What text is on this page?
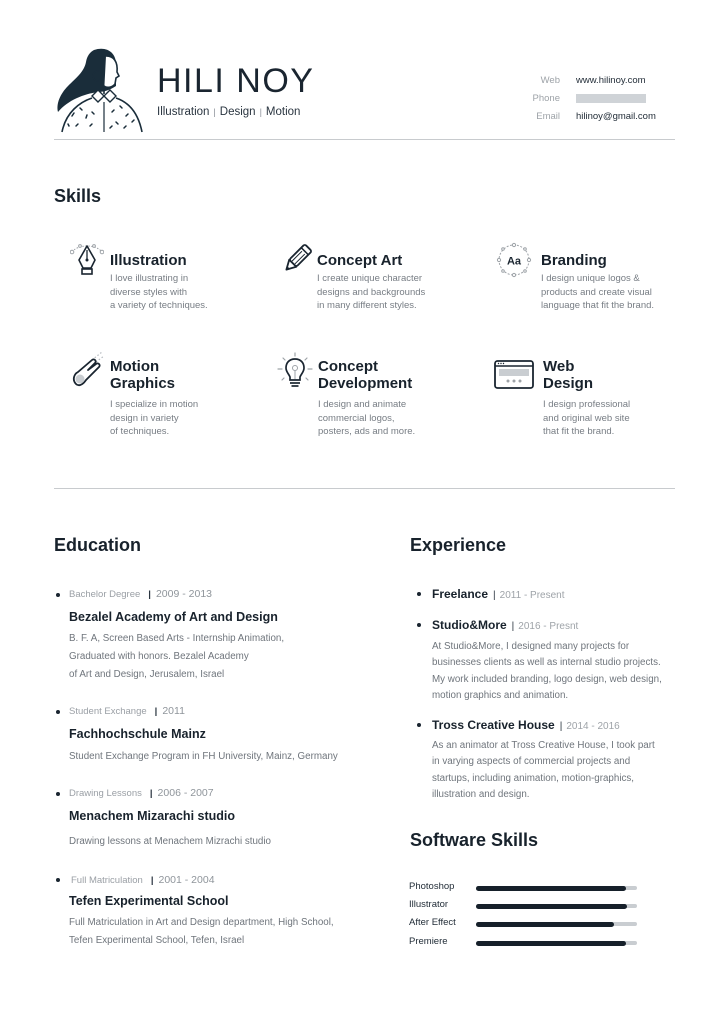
HILI NOY
Illustration | Design | Motion
Web	www.hilinoy.com
Phone
Email	hilinoy@gmail.com
Skills
Illustration
I love illustrating in
diverse styles with
a variety of techniques.
Concept Art
I create unique character
designs and backgrounds
in many different styles.
Aa Branding
I design unique logos &
products and create visual
language that fit the brand.
Motion
Graphics
I specialize in motion
design in variety
of techniques.
Concept
Development
I design and animate
commercial logos,
posters, ads and more.
Web
Design
I design professional
and original web site
that fit the brand.
Education
Bachelor Degree | 2009 - 2013
Bezalel Academy of Art and Design
B. F. A, Screen Based Arts - Internship Animation,
Graduated with honors. Bezalel Academy
of Art and Design, Jerusalem, Israel
Student Exchange | 2011
Fachhochschule Mainz
Student Exchange Program in FH University, Mainz, Germany
Drawing Lessons | 2006 - 2007
Menachem Mizarachi studio
Drawing lessons at Menachem Mizrachi studio
Full Matriculation | 2001 - 2004
Tefen Experimental School
Full Matriculation in Art and Design department, High School,
Tefen Experimental School, Tefen, Israel
Experience
Freelance | 2011 - Present
Studio&More | 2016 - Presnt
At Studio&More, I designed many projects for
businesses clients as well as internal studio projects.
My work included branding, logo design, web design,
motion graphics and animation.
Tross Creative House | 2014 - 2016
As an animator at Tross Creative House, I took part
in varying aspects of commercial projects and
startups, including animation, motion-graphics,
illustration and design.
Software Skills
Photoshop
Illustrator
After Effect
Premiere
